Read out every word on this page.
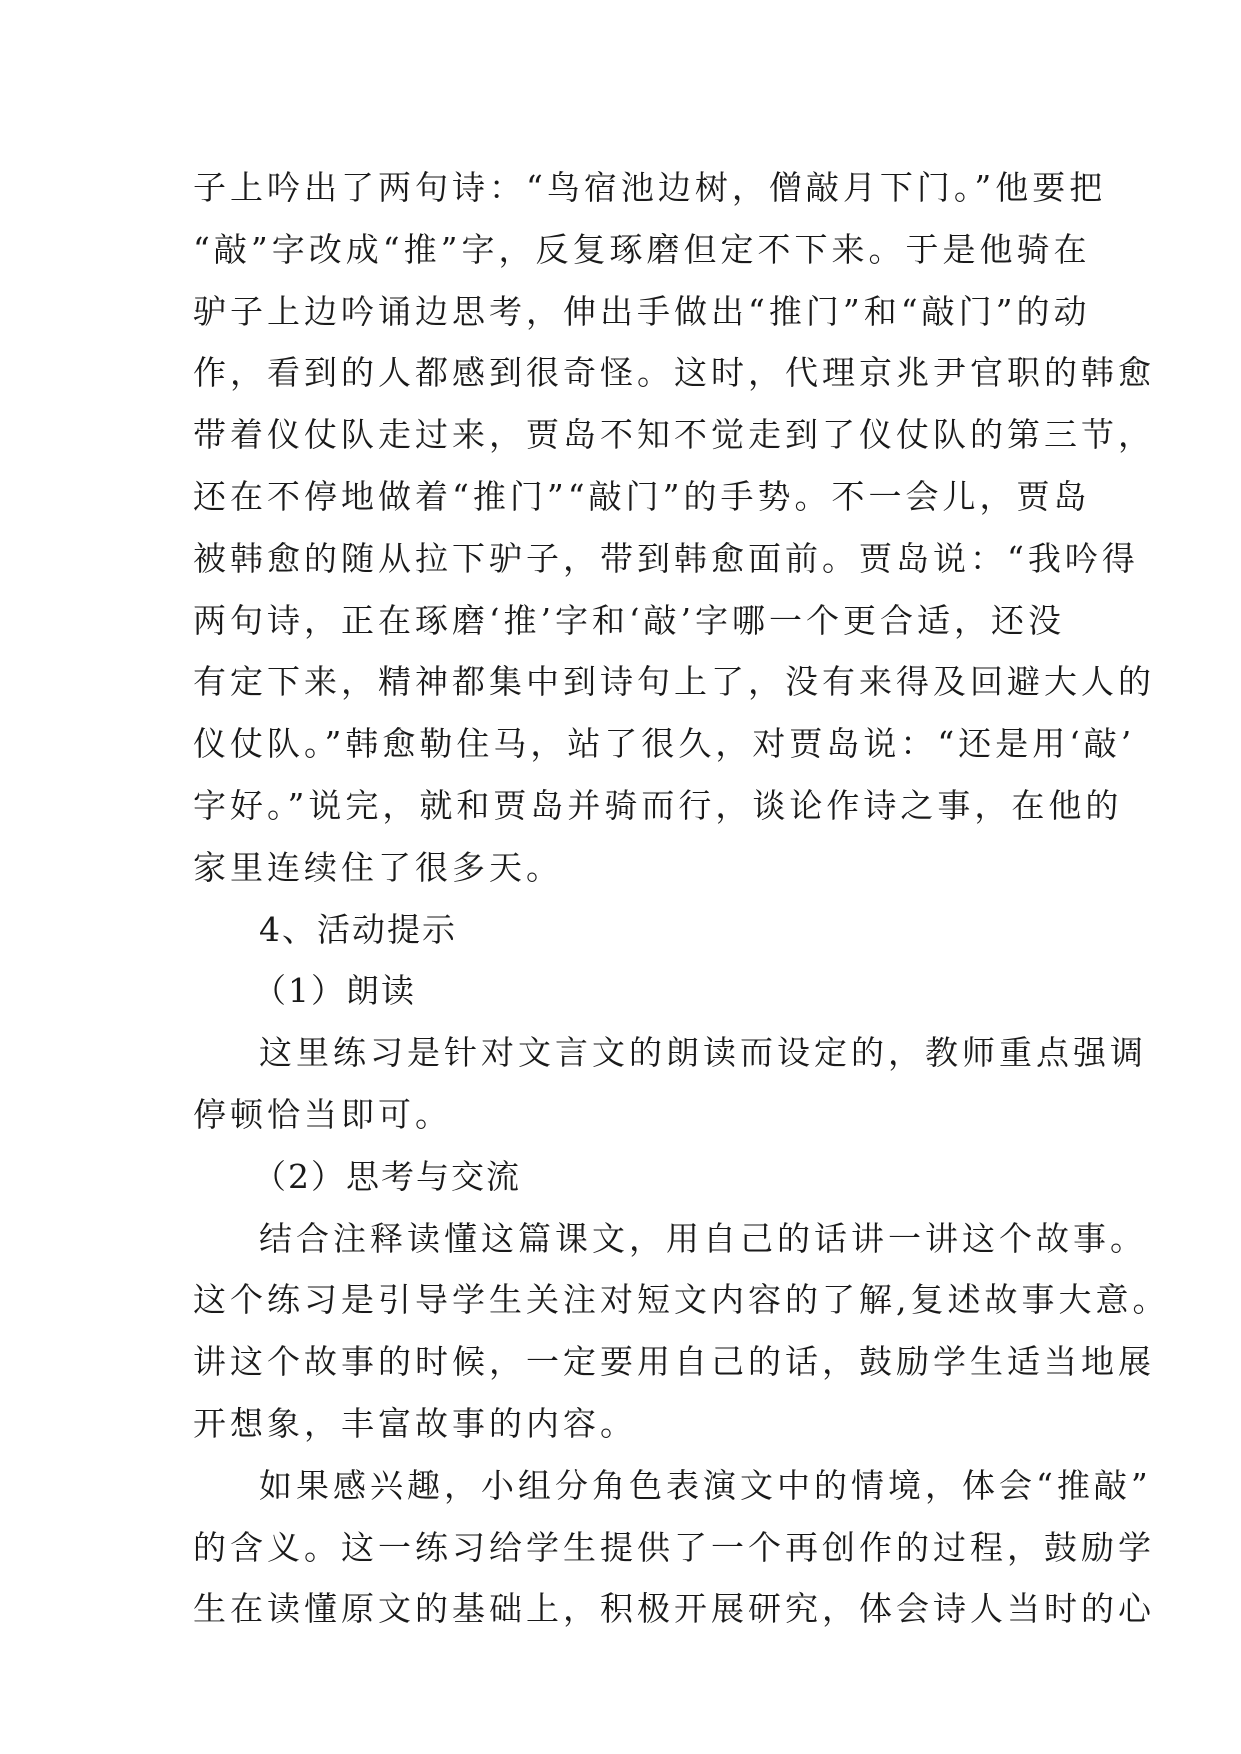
子上吟出了两句诗：“鸟宿池边树，僧敲月下门。”他要把
“敲”字改成“推”字，反复琢磨但定不下来。于是他骑在
驴子上边吟诵边思考，伸出手做出“推门”和“敲门”的动
作，看到的人都感到很奇怪。这时，代理京兆尹官职的韩愈
带着仪仗队走过来，贾岛不知不觉走到了仪仗队的第三节，
还在不停地做着“推门”“敲门”的手势。不一会儿，贾岛
被韩愈的随从拉下驴子，带到韩愈面前。贾岛说：“我吟得
两句诗，正在琢磨‘推’字和‘敲’字哪一个更合适，还没
有定下来，精神都集中到诗句上了，没有来得及回避大人的
仪仗队。”韩愈勒住马，站了很久，对贾岛说：“还是用‘敲’
字好。”说完，就和贾岛并骑而行，谈论作诗之事，在他的
家里连续住了很多天。
4、活动提示
（1）朗读
这里练习是针对文言文的朗读而设定的，教师重点强调
停顿恰当即可。
（2）思考与交流
结合注释读懂这篇课文，用自己的话讲一讲这个故事。
这个练习是引导学生关注对短文内容的了解,复述故事大意。
讲这个故事的时候，一定要用自己的话，鼓励学生适当地展
开想象，丰富故事的内容。
如果感兴趣，小组分角色表演文中的情境，体会“推敲”
的含义。这一练习给学生提供了一个再创作的过程，鼓励学
生在读懂原文的基础上，积极开展研究，体会诗人当时的心
